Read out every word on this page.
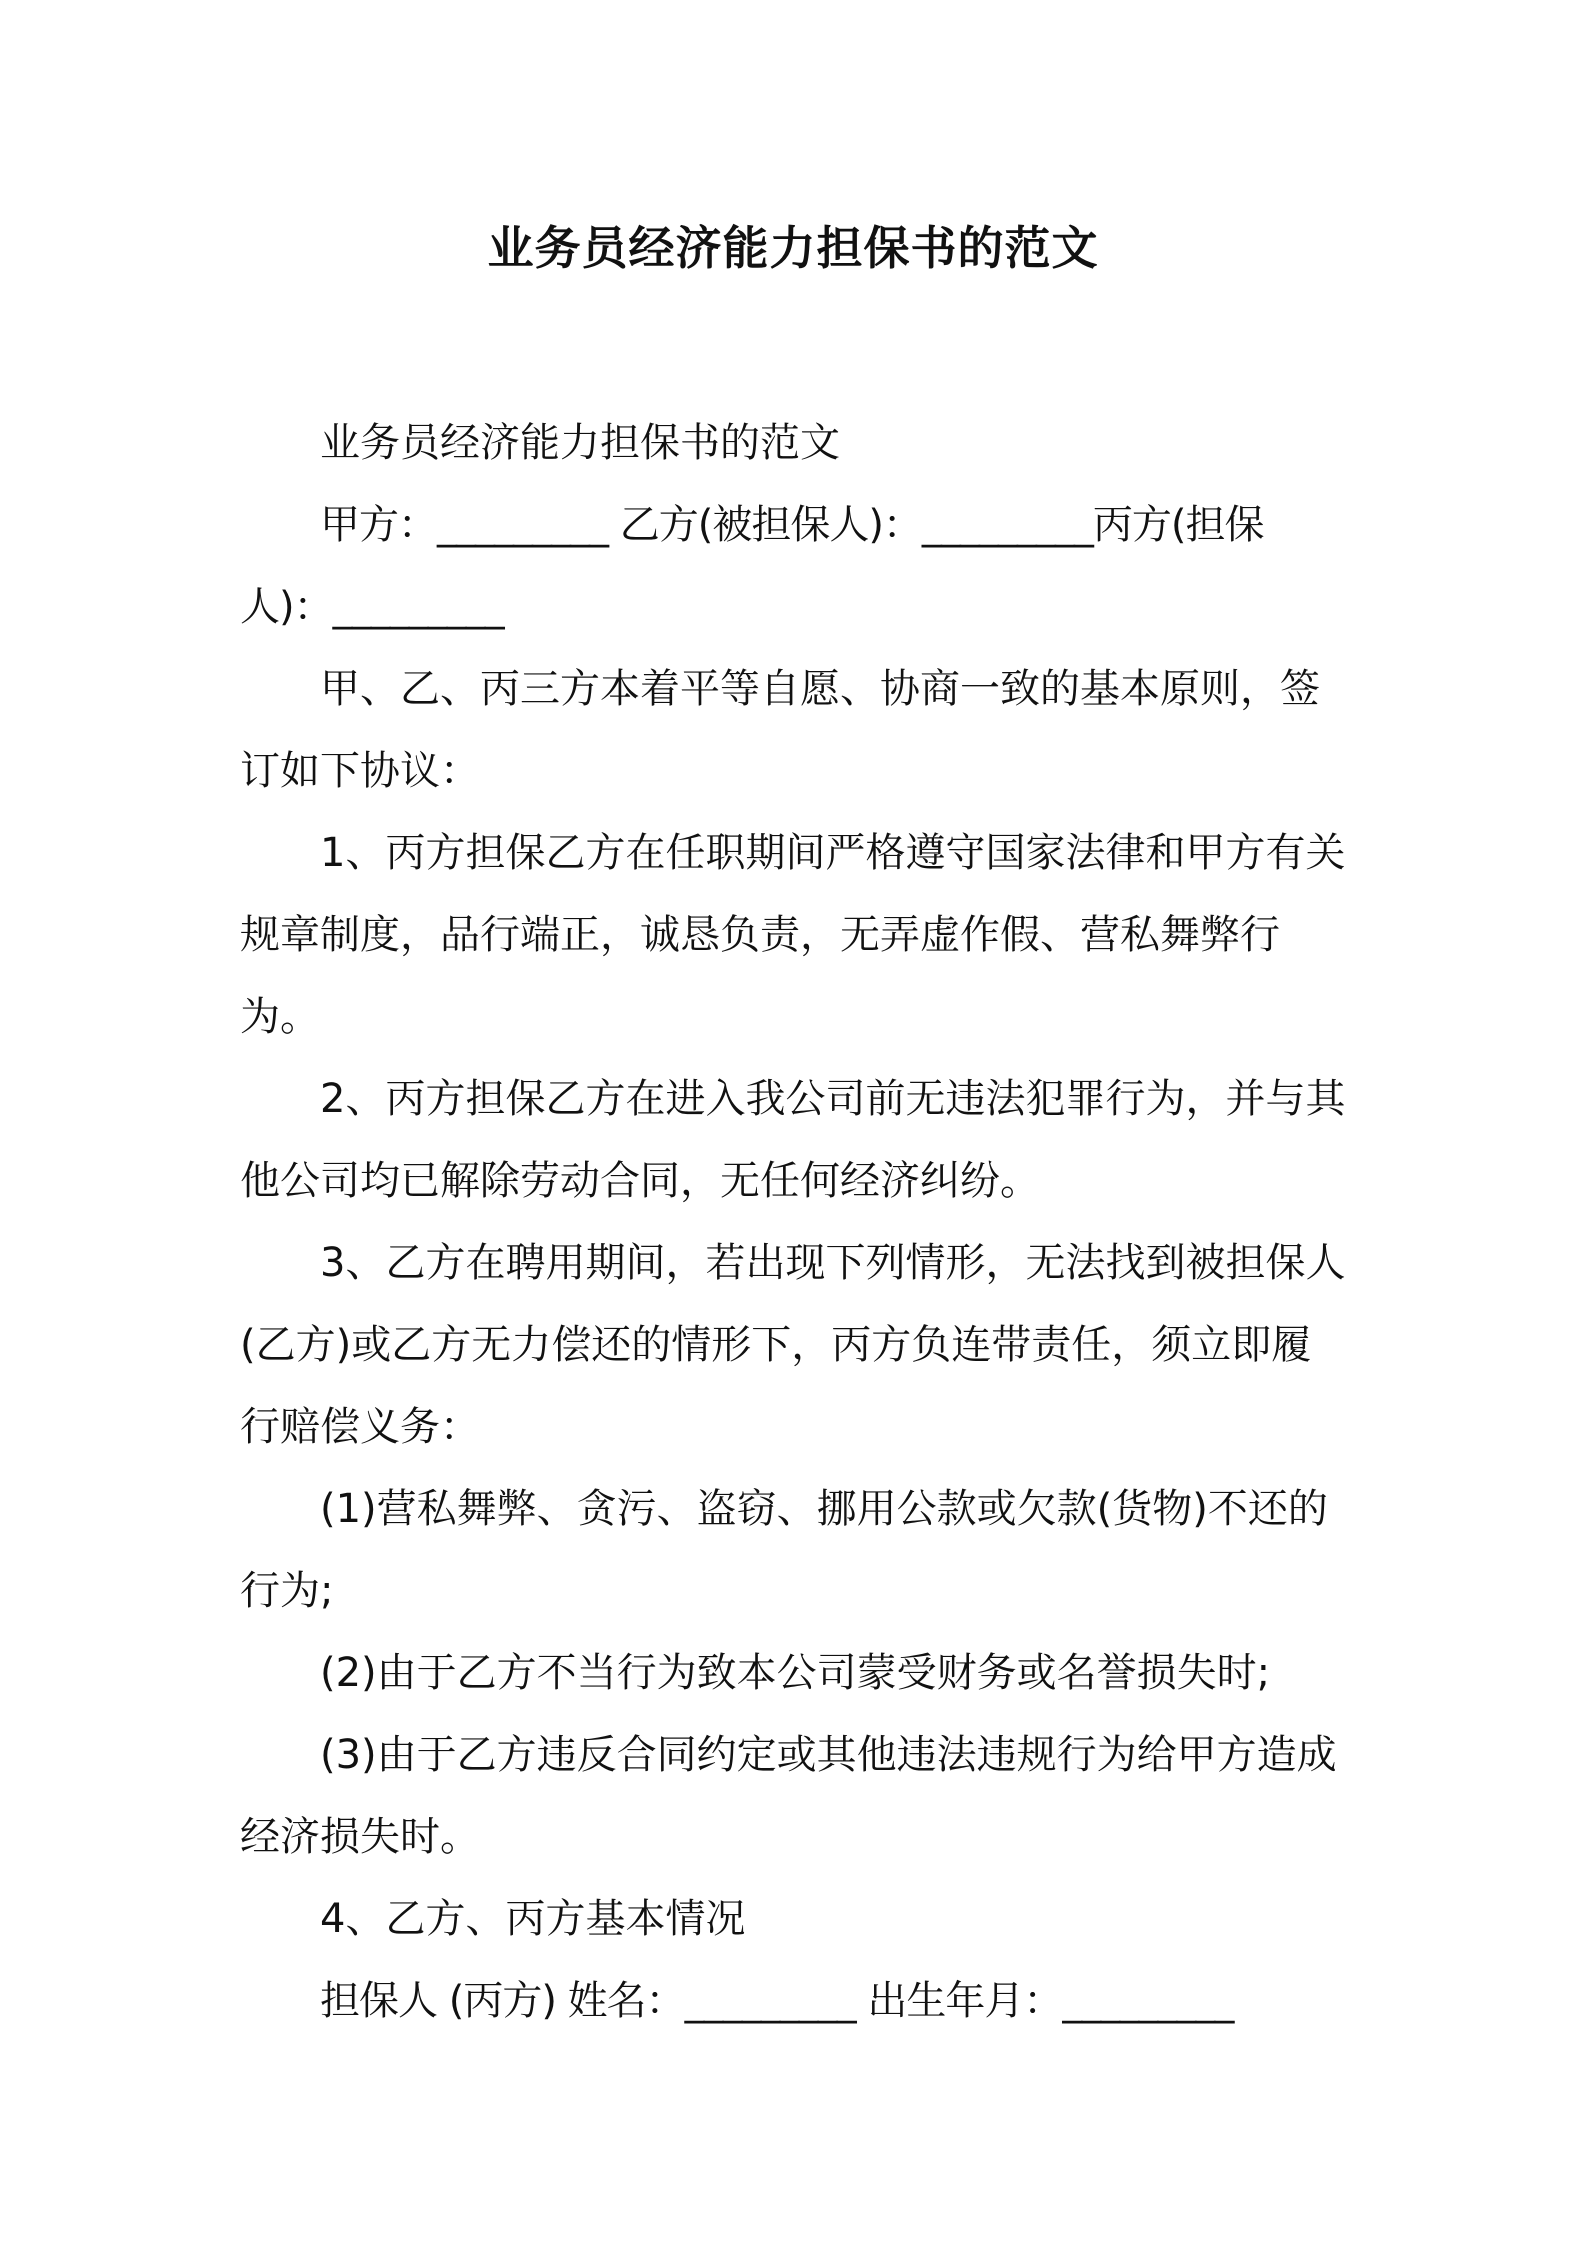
业务员经济能力担保书的范文

业务员经济能力担保书的范文

甲方：_________ 乙方(被担保人)：_________丙方(担保人)：_________

甲、乙、丙三方本着平等自愿、协商一致的基本原则，签订如下协议：

1、丙方担保乙方在任职期间严格遵守国家法律和甲方有关规章制度，品行端正，诚恳负责，无弄虚作假、营私舞弊行为。

2、丙方担保乙方在进入我公司前无违法犯罪行为，并与其他公司均已解除劳动合同，无任何经济纠纷。

3、乙方在聘用期间，若出现下列情形，无法找到被担保人(乙方)或乙方无力偿还的情形下，丙方负连带责任，须立即履行赔偿义务：

(1)营私舞弊、贪污、盗窃、挪用公款或欠款(货物)不还的行为;

(2)由于乙方不当行为致本公司蒙受财务或名誉损失时;

(3)由于乙方违反合同约定或其他违法违规行为给甲方造成经济损失时。

4、乙方、丙方基本情况

担保人 (丙方) 姓名：_________ 出生年月：_________
